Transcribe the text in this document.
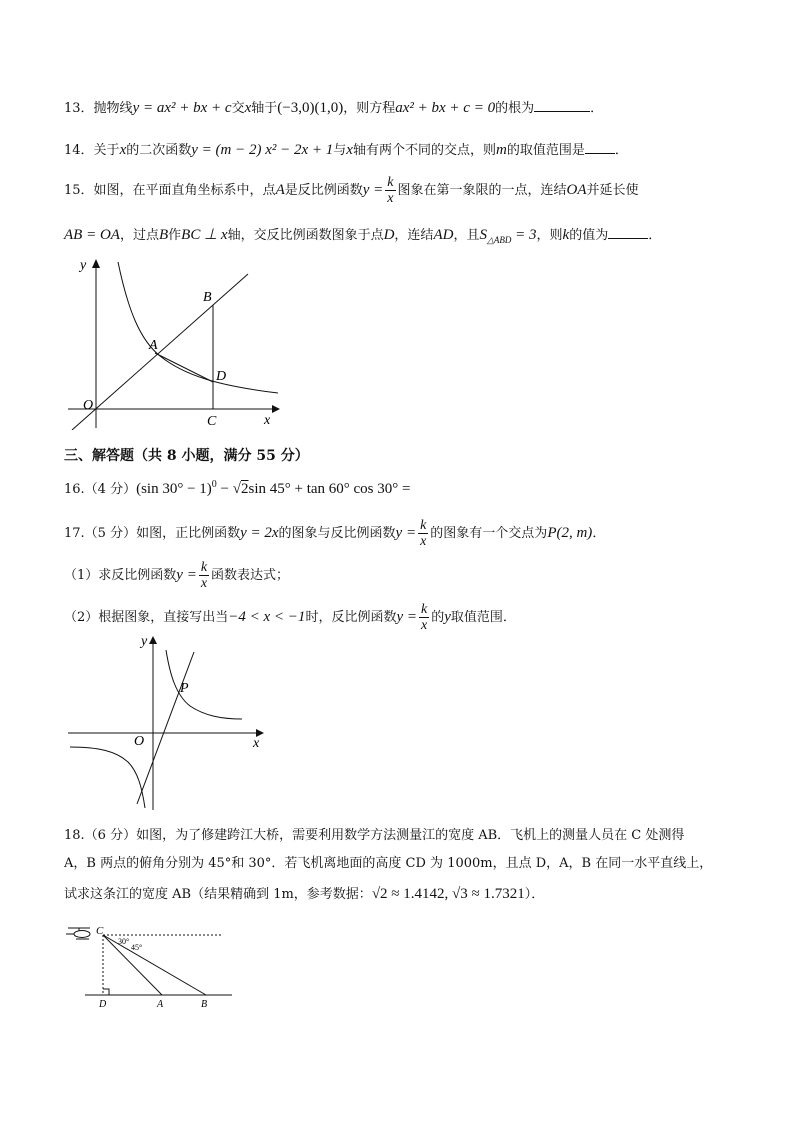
13．抛物线y = ax² + bx + c交x轴于(−3,0)(1,0)，则方程ax² + bx + c = 0的根为	．
14．关于x的二次函数y = (m − 2) x² − 2x + 1与x轴有两个不同的交点，则m的取值范围是 ．
15．如图，在平面直角坐标系中，点A是反比例函数$y = \frac{k}{x}$ 图象在第一象限的一点，连结OA并延长使
AB = OA，过点B作BC ⊥ x轴，交反比例函数图象于点D，连结AD，且$S_{\triangle ABD} = 3$，则k的值为	．
y
x
O
A
B
C
D
三、解答题（共 8 小题，满分 55 分）
16.（4 分）(sin 30° − 1)$^0$ − √2sin 45° + tan 60° cos 30° =
17.（5 分）如图，正比例函数y = 2x的图象与反比例函数$y = \frac{k}{x}$ 的图象有一个交点为P(2, m)．
（1）求反比例函数$y = \frac{k}{x}$ 函数表达式；
（2）根据图象，直接写出当−4 < x < −1时，反比例函数$y = \frac{k}{x}$ 的y取值范围．
y
x
O
P
18.（6 分）如图，为了修建跨江大桥，需要利用数学方法测量江的宽度 AB．飞机上的测量人员在 C 处测得
A，B 两点的俯角分别为 45°和 30°．若飞机离地面的高度 CD 为 1000m，且点 D，A，B 在同一水平直线上，
试求这条江的宽度 AB（结果精确到 1m，参考数据：√2 ≈ 1.4142, √3 ≈ 1.7321）．
C
D	A	B
30°
45°
